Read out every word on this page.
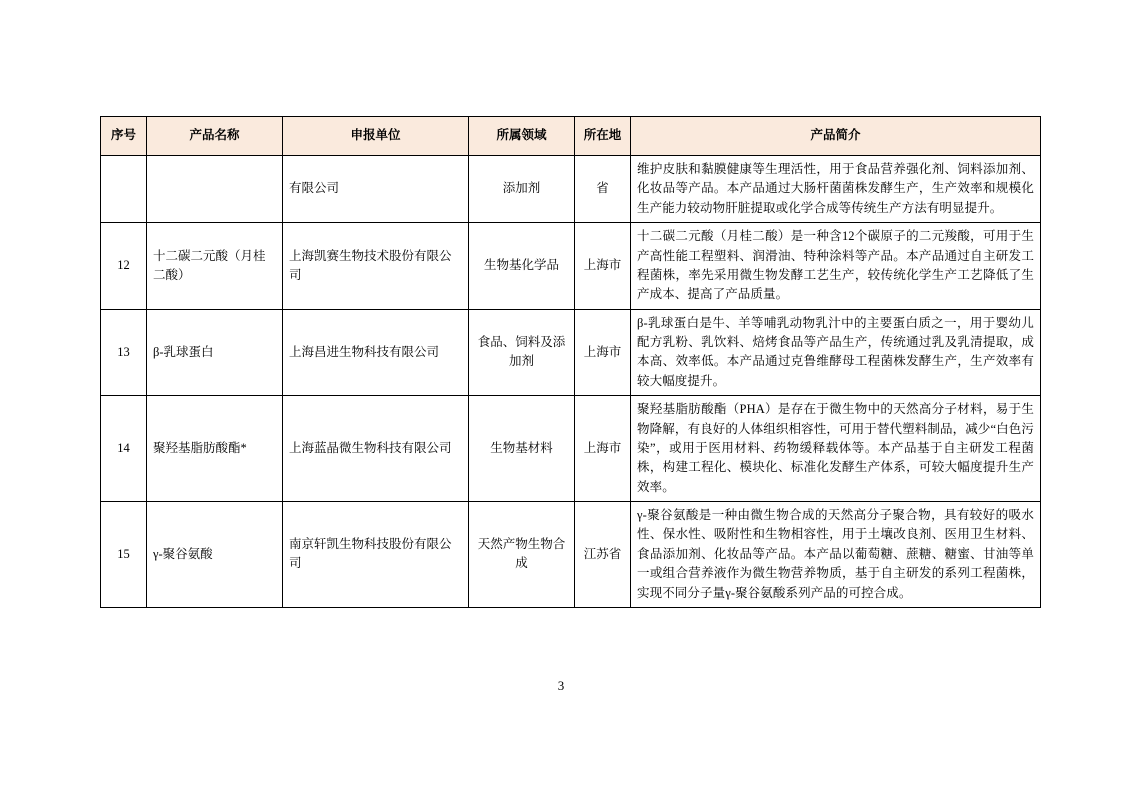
序号	产品名称	申报单位	所属领域	所在地	产品简介
		有限公司	添加剂	省	维护皮肤和黏膜健康等生理活性，用于食品营养强化剂、饲料添加剂、化妆品等产品。本产品通过大肠杆菌菌株发酵生产，生产效率和规模化生产能力较动物肝脏提取或化学合成等传统生产方法有明显提升。
12	十二碳二元酸（月桂二酸）	上海凯赛生物技术股份有限公司	生物基化学品	上海市	十二碳二元酸（月桂二酸）是一种含12个碳原子的二元羧酸，可用于生产高性能工程塑料、润滑油、特种涂料等产品。本产品通过自主研发工程菌株，率先采用微生物发酵工艺生产，较传统化学生产工艺降低了生产成本、提高了产品质量。
13	β-乳球蛋白	上海昌进生物科技有限公司	食品、饲料及添加剂	上海市	β-乳球蛋白是牛、羊等哺乳动物乳汁中的主要蛋白质之一，用于婴幼儿配方乳粉、乳饮料、焙烤食品等产品生产，传统通过乳及乳清提取，成本高、效率低。本产品通过克鲁维酵母工程菌株发酵生产，生产效率有较大幅度提升。
14	聚羟基脂肪酸酯*	上海蓝晶微生物科技有限公司	生物基材料	上海市	聚羟基脂肪酸酯（PHA）是存在于微生物中的天然高分子材料，易于生物降解，有良好的人体组织相容性，可用于替代塑料制品，减少“白色污染”，或用于医用材料、药物缓释载体等。本产品基于自主研发工程菌株，构建工程化、模块化、标准化发酵生产体系，可较大幅度提升生产效率。
15	γ-聚谷氨酸	南京轩凯生物科技股份有限公司	天然产物生物合成	江苏省	γ-聚谷氨酸是一种由微生物合成的天然高分子聚合物，具有较好的吸水性、保水性、吸附性和生物相容性，用于土壤改良剂、医用卫生材料、食品添加剂、化妆品等产品。本产品以葡萄糖、蔗糖、糖蜜、甘油等单一或组合营养液作为微生物营养物质，基于自主研发的系列工程菌株，实现不同分子量γ-聚谷氨酸系列产品的可控合成。
3
